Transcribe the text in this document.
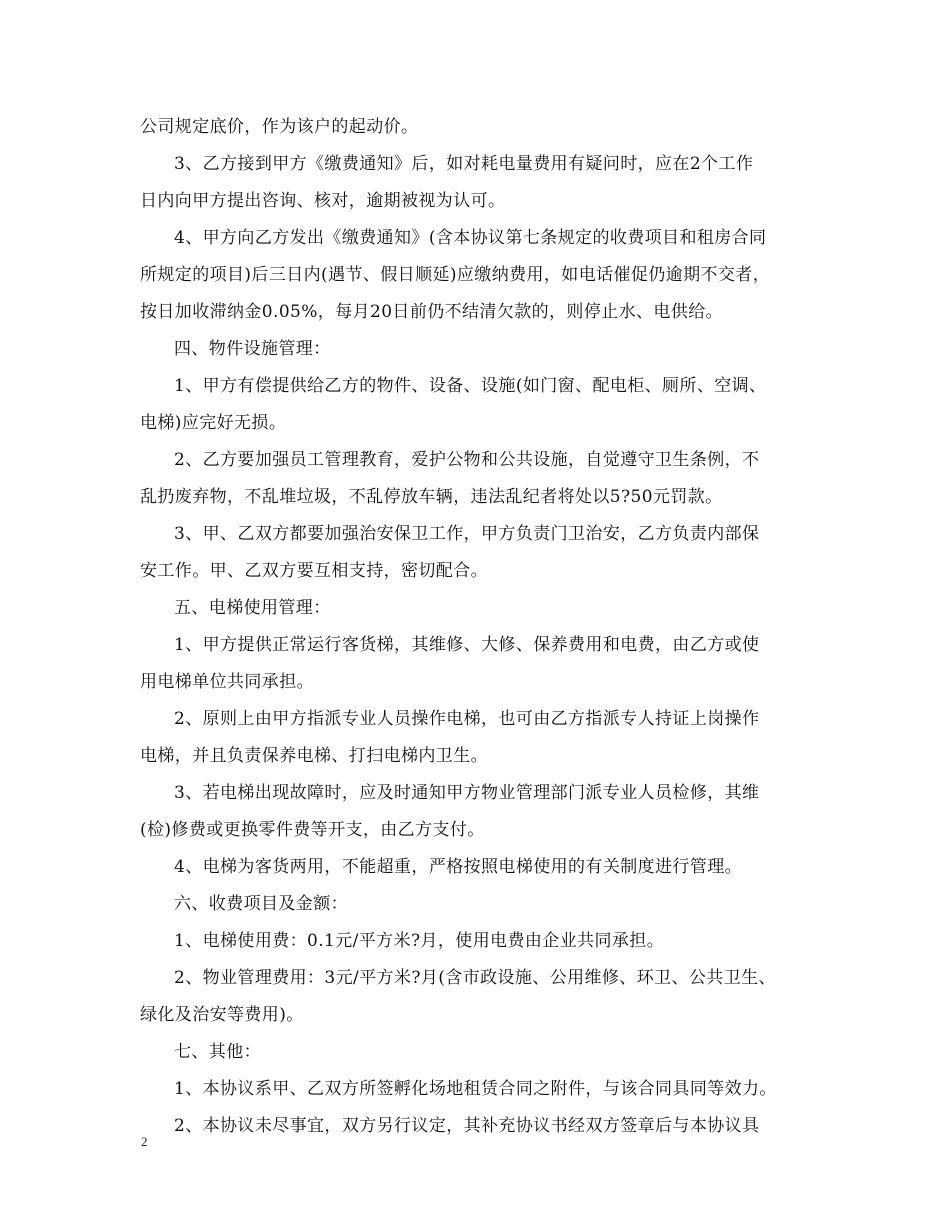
公司规定底价，作为该户的起动价。
3、乙方接到甲方《缴费通知》后，如对耗电量费用有疑问时，应在2个工作
日内向甲方提出咨询、核对，逾期被视为认可。
4、甲方向乙方发出《缴费通知》(含本协议第七条规定的收费项目和租房合同
所规定的项目)后三日内(遇节、假日顺延)应缴纳费用，如电话催促仍逾期不交者，
按日加收滞纳金0.05%，每月20日前仍不结清欠款的，则停止水、电供给。
四、物件设施管理：
1、甲方有偿提供给乙方的物件、设备、设施(如门窗、配电柜、厕所、空调、
电梯)应完好无损。
2、乙方要加强员工管理教育，爱护公物和公共设施，自觉遵守卫生条例，不
乱扔废弃物，不乱堆垃圾，不乱停放车辆，违法乱纪者将处以5?50元罚款。
3、甲、乙双方都要加强治安保卫工作，甲方负责门卫治安，乙方负责内部保
安工作。甲、乙双方要互相支持，密切配合。
五、电梯使用管理：
1、甲方提供正常运行客货梯，其维修、大修、保养费用和电费，由乙方或使
用电梯单位共同承担。
2、原则上由甲方指派专业人员操作电梯，也可由乙方指派专人持证上岗操作
电梯，并且负责保养电梯、打扫电梯内卫生。
3、若电梯出现故障时，应及时通知甲方物业管理部门派专业人员检修，其维
(检)修费或更换零件费等开支，由乙方支付。
4、电梯为客货两用，不能超重，严格按照电梯使用的有关制度进行管理。
六、收费项目及金额：
1、电梯使用费：0.1元/平方米?月，使用电费由企业共同承担。
2、物业管理费用：3元/平方米?月(含市政设施、公用维修、环卫、公共卫生、
绿化及治安等费用)。
七、其他：
1、本协议系甲、乙双方所签孵化场地租赁合同之附件，与该合同具同等效力。
2、本协议未尽事宜，双方另行议定，其补充协议书经双方签章后与本协议具
2
